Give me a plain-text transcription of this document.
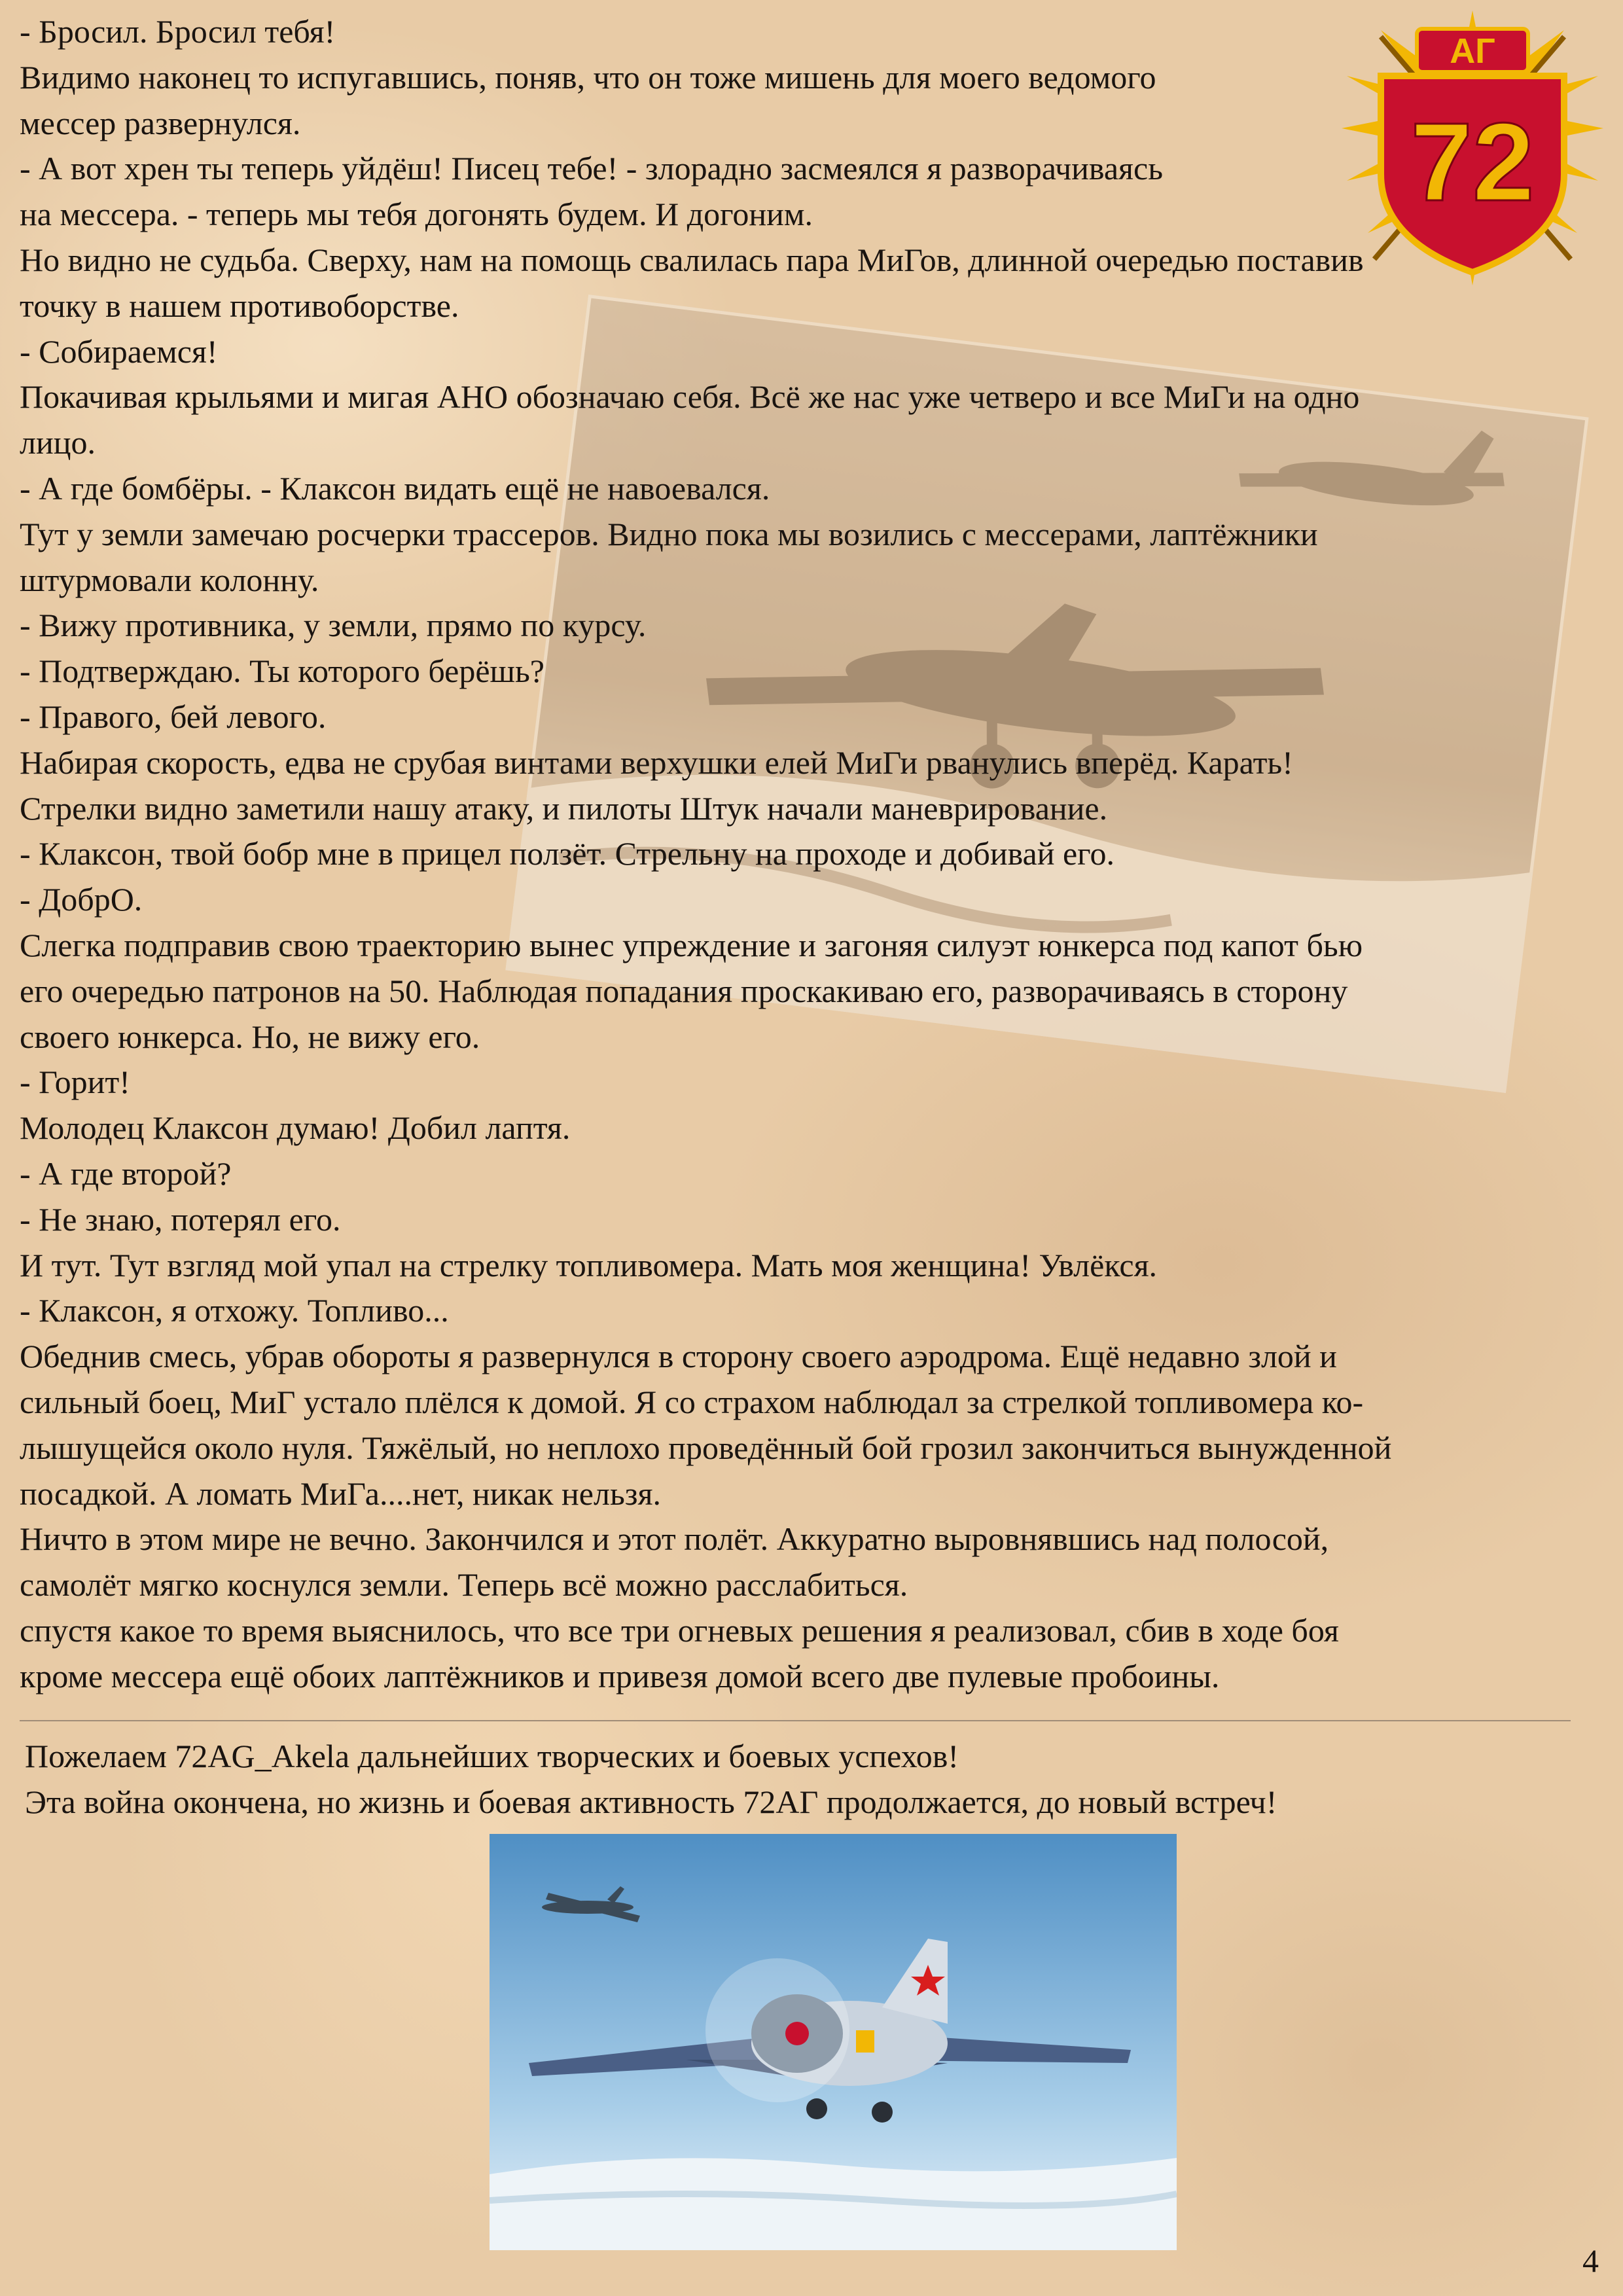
АГ
72
- Бросил. Бросил тебя!
Видимо наконец то испугавшись, поняв, что он тоже мишень для моего ведомого
мессер развернулся.
- А вот хрен ты теперь уйдёш! Писец тебе! - злорадно засмеялся я разворачиваясь
на мессера. - теперь мы тебя догонять будем. И догоним.
Но видно не судьба. Сверху, нам на помощь свалилась пара МиГов, длинной очередью поставив
точку в нашем противоборстве.
- Собираемся!
Покачивая крыльями и мигая АНО обозначаю себя. Всё же нас уже четверо и все МиГи на одно
лицо.
- А где бомбёры. - Клаксон видать ещё не навоевался.
Тут у земли замечаю росчерки трассеров. Видно пока мы возились с мессерами, лаптёжники
штурмовали колонну.
- Вижу противника, у земли, прямо по курсу.
- Подтверждаю. Ты которого берёшь?
- Правого, бей левого.
Набирая скорость, едва не срубая винтами верхушки елей МиГи рванулись вперёд. Карать!
Стрелки видно заметили нашу атаку, и пилоты Штук начали маневрирование.
- Клаксон, твой бобр мне в прицел ползёт. Стрельну на проходе и добивай его.
- ДобрО.
Слегка подправив свою траекторию вынес упреждение и загоняя силуэт юнкерса под капот бью
его очередью патронов на 50. Наблюдая попадания проскакиваю его, разворачиваясь в сторону
своего юнкерса. Но, не вижу его.
- Горит!
Молодец Клаксон думаю! Добил лаптя.
- А где второй?
- Не знаю, потерял его.
И тут. Тут взгляд мой упал на стрелку топливомера. Мать моя женщина! Увлёкся.
- Клаксон, я отхожу. Топливо...
Обеднив смесь, убрав обороты я развернулся в сторону своего аэродрома. Ещё недавно злой и
сильный боец, МиГ устало плёлся к домой. Я со страхом наблюдал за стрелкой топливомера ко-
лышущейся около нуля. Тяжёлый, но неплохо проведённый бой грозил закончиться вынужденной
посадкой. А ломать МиГа....нет, никак нельзя.
Ничто в этом мире не вечно. Закончился и этот полёт. Аккуратно выровнявшись над полосой,
самолёт мягко коснулся земли. Теперь всё можно расслабиться.
спустя какое то время выяснилось, что все три огневых решения я реализовал, сбив в ходе боя
кроме мессера ещё обоих лаптёжников и привезя домой всего две пулевые пробоины.
Пожелаем 72AG_Akela дальнейших творческих и боевых успехов!
Эта война окончена, но жизнь и боевая активность 72АГ продолжается, до новый встреч!
4
